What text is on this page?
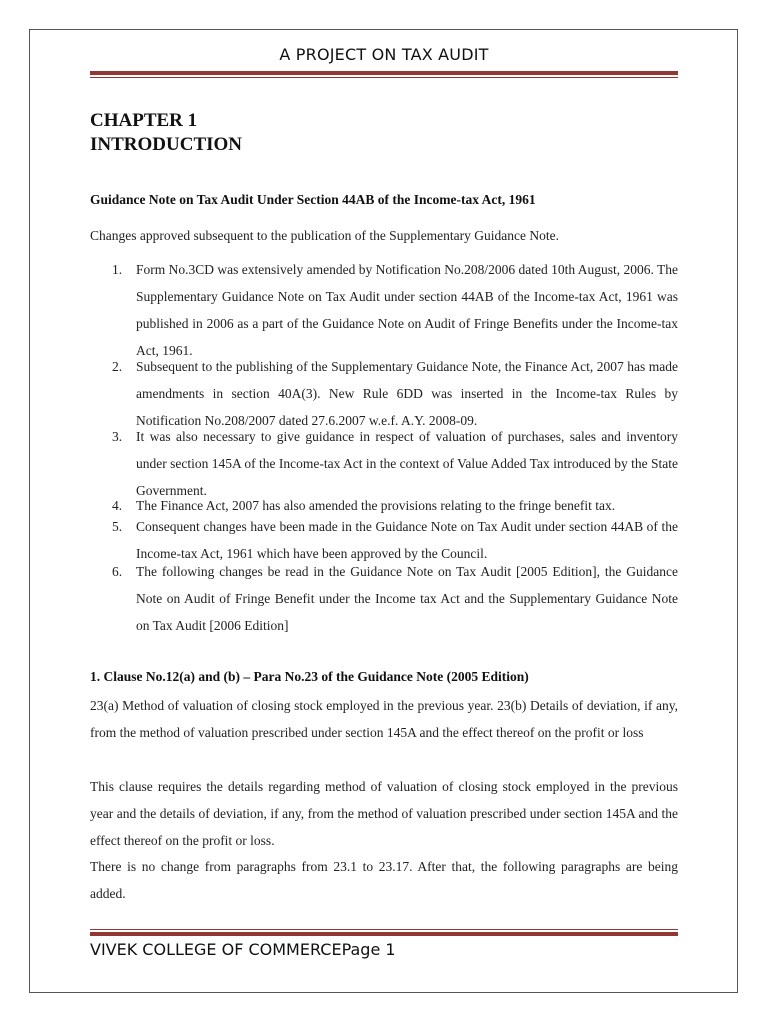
A PROJECT ON TAX AUDIT
CHAPTER 1
INTRODUCTION
Guidance Note on Tax Audit Under Section 44AB of the Income-tax Act, 1961
Changes approved subsequent to the publication of the Supplementary Guidance Note.
1.	Form No.3CD was extensively amended by Notification No.208/2006 dated 10th August, 2006. The Supplementary Guidance Note on Tax Audit under section 44AB of the Income-tax Act, 1961 was published in 2006 as a part of the Guidance Note on Audit of Fringe Benefits under the Income-tax Act, 1961.
2.	Subsequent to the publishing of the Supplementary Guidance Note, the Finance Act, 2007 has made amendments in section 40A(3). New Rule 6DD was inserted in the Income-tax Rules by Notification No.208/2007 dated 27.6.2007 w.e.f. A.Y. 2008-09.
3.	It was also necessary to give guidance in respect of valuation of purchases, sales and inventory under section 145A of the Income-tax Act in the context of Value Added Tax introduced by the State Government.
4.	The Finance Act, 2007 has also amended the provisions relating to the fringe benefit tax.
5.	Consequent changes have been made in the Guidance Note on Tax Audit under section 44AB of the Income-tax Act, 1961 which have been approved by the Council.
6.	The following changes be read in the Guidance Note on Tax Audit [2005 Edition], the Guidance Note on Audit of Fringe Benefit under the Income tax Act and the Supplementary Guidance Note on Tax Audit [2006 Edition]
1. Clause No.12(a) and (b) – Para No.23 of the Guidance Note (2005 Edition)
23(a) Method of valuation of closing stock employed in the previous year. 23(b) Details of deviation, if any, from the method of valuation prescribed under section 145A and the effect thereof on the profit or loss
This clause requires the details regarding method of valuation of closing stock employed in the previous year and the details of deviation, if any, from the method of valuation prescribed under section 145A and the effect thereof on the profit or loss.
There is no change from paragraphs from 23.1 to 23.17. After that, the following paragraphs are being added.
VIVEK COLLEGE OF COMMERCEPage 1
